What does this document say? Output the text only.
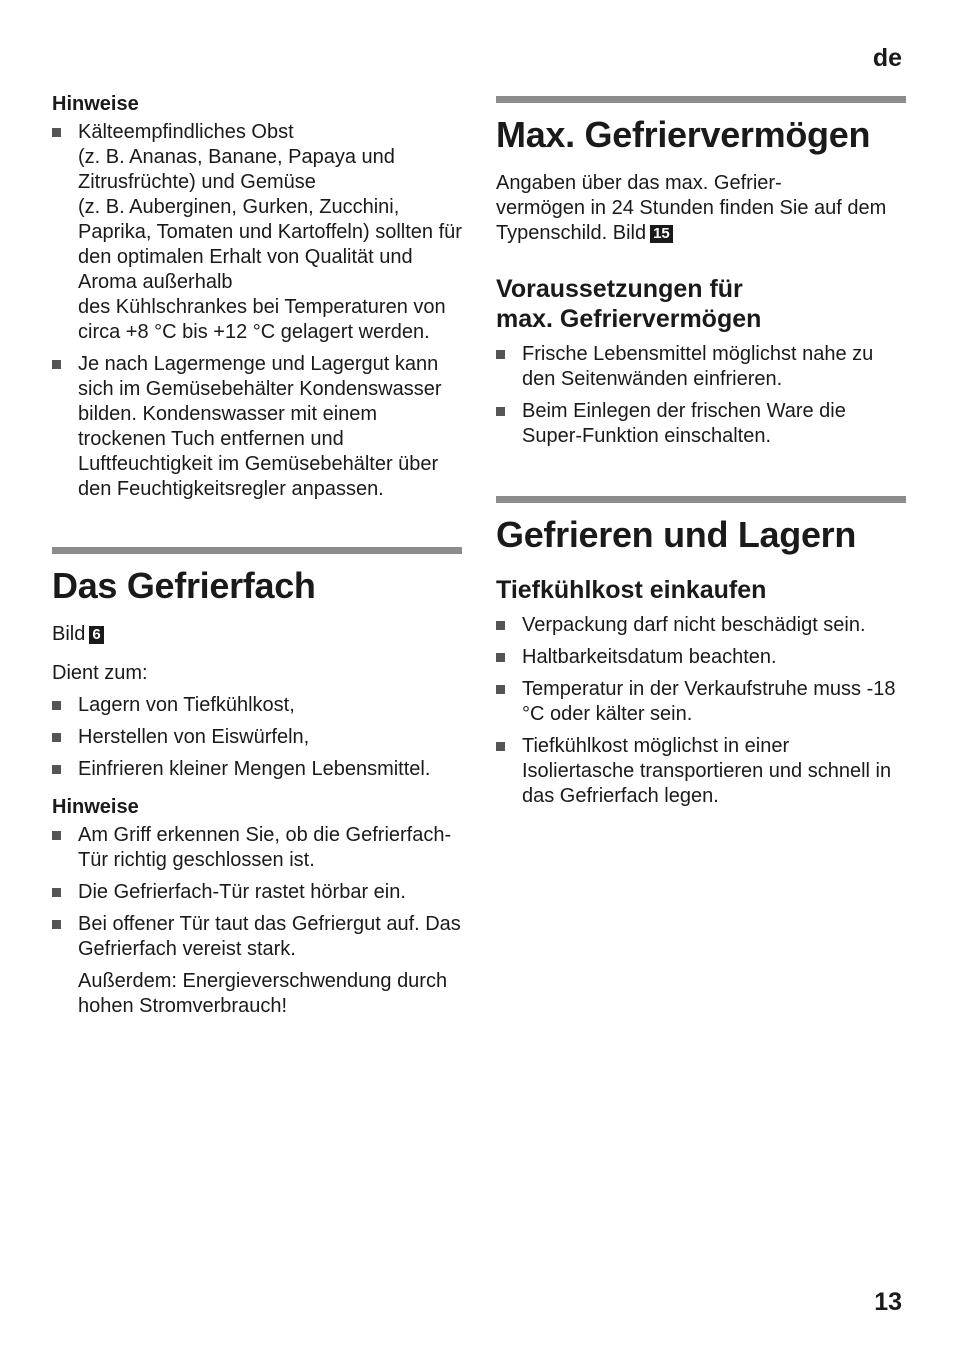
de
Hinweise
Kälteempfindliches Obst
(z. B. Ananas, Banane, Papaya und Zitrusfrüchte) und Gemüse
(z. B. Auberginen, Gurken, Zucchini, Paprika, Tomaten und Kartoffeln) sollten für den optimalen Erhalt von Qualität und Aroma außerhalb
des Kühlschrankes bei Temperaturen von circa +8 °C bis +12 °C gelagert werden.
Je nach Lagermenge und Lagergut kann sich im Gemüsebehälter Kondenswasser bilden. Kondenswasser mit einem trockenen Tuch entfernen und Luftfeuchtigkeit im Gemüsebehälter über den Feuchtigkeitsregler anpassen.
Das Gefrierfach

Bild 6

Dient zum:

Lagern von Tiefkühlkost,
Herstellen von Eiswürfeln,
Einfrieren kleiner Mengen Lebensmittel.
Hinweise
Am Griff erkennen Sie, ob die Gefrierfach-Tür richtig geschlossen ist.
Die Gefrierfach-Tür rastet hörbar ein.
Bei offener Tür taut das Gefriergut auf. Das Gefrierfach vereist stark.

Außerdem: Energieverschwendung durch hohen Stromverbrauch!

Max. Gefriervermögen

Angaben über das max. Gefrier-
vermögen in 24 Stunden finden Sie auf dem Typenschild. Bild 15

Voraussetzungen für
max. Gefriervermögen
Frische Lebensmittel möglichst nahe zu den Seitenwänden einfrieren.
Beim Einlegen der frischen Ware die Super-Funktion einschalten.
Gefrieren und Lagern
Tiefkühlkost einkaufen
Verpackung darf nicht beschädigt sein.
Haltbarkeitsdatum beachten.
Temperatur in der Verkaufstruhe muss -18 °C oder kälter sein.
Tiefkühlkost möglichst in einer Isoliertasche transportieren und schnell in das Gefrierfach legen.
13
